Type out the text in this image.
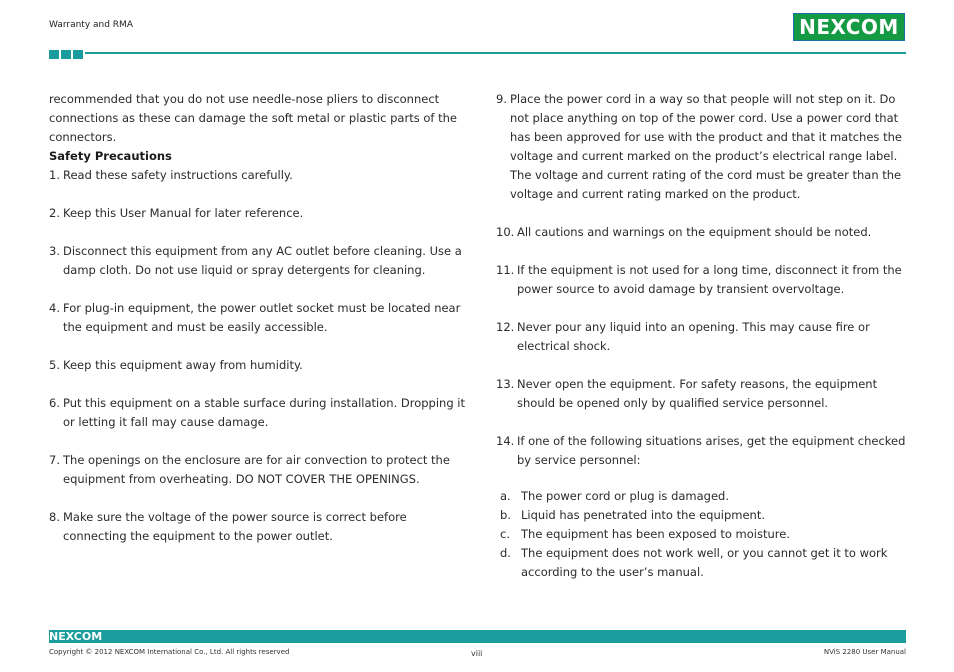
Warranty and RMA	NEXCOM

recommended that you do not use needle-nose pliers to disconnect connections as these can damage the soft metal or plastic parts of the connectors.

Safety Precautions

1. Read these safety instructions carefully.
2. Keep this User Manual for later reference.
3. Disconnect this equipment from any AC outlet before cleaning. Use a damp cloth. Do not use liquid or spray detergents for cleaning.
4. For plug-in equipment, the power outlet socket must be located near the equipment and must be easily accessible.
5. Keep this equipment away from humidity.
6. Put this equipment on a stable surface during installation. Dropping it or letting it fall may cause damage.
7. The openings on the enclosure are for air convection to protect the equipment from overheating. DO NOT COVER THE OPENINGS.
8. Make sure the voltage of the power source is correct before connecting the equipment to the power outlet.
9. Place the power cord in a way so that people will not step on it. Do not place anything on top of the power cord. Use a power cord that has been approved for use with the product and that it matches the voltage and current marked on the product’s electrical range label. The voltage and current rating of the cord must be greater than the voltage and current rating marked on the product.
10. All cautions and warnings on the equipment should be noted.
11. If the equipment is not used for a long time, disconnect it from the power source to avoid damage by transient overvoltage.
12. Never pour any liquid into an opening. This may cause fire or electrical shock.
13. Never open the equipment. For safety reasons, the equipment should be opened only by qualified service personnel.
14. If one of the following situations arises, get the equipment checked by service personnel:
a. The power cord or plug is damaged.
b. Liquid has penetrated into the equipment.
c. The equipment has been exposed to moisture.
d. The equipment does not work well, or you cannot get it to work according to the user’s manual.
NEXCOM
Copyright © 2012 NEXCOM International Co., Ltd. All rights reserved	viii	NViS 2280 User Manual
